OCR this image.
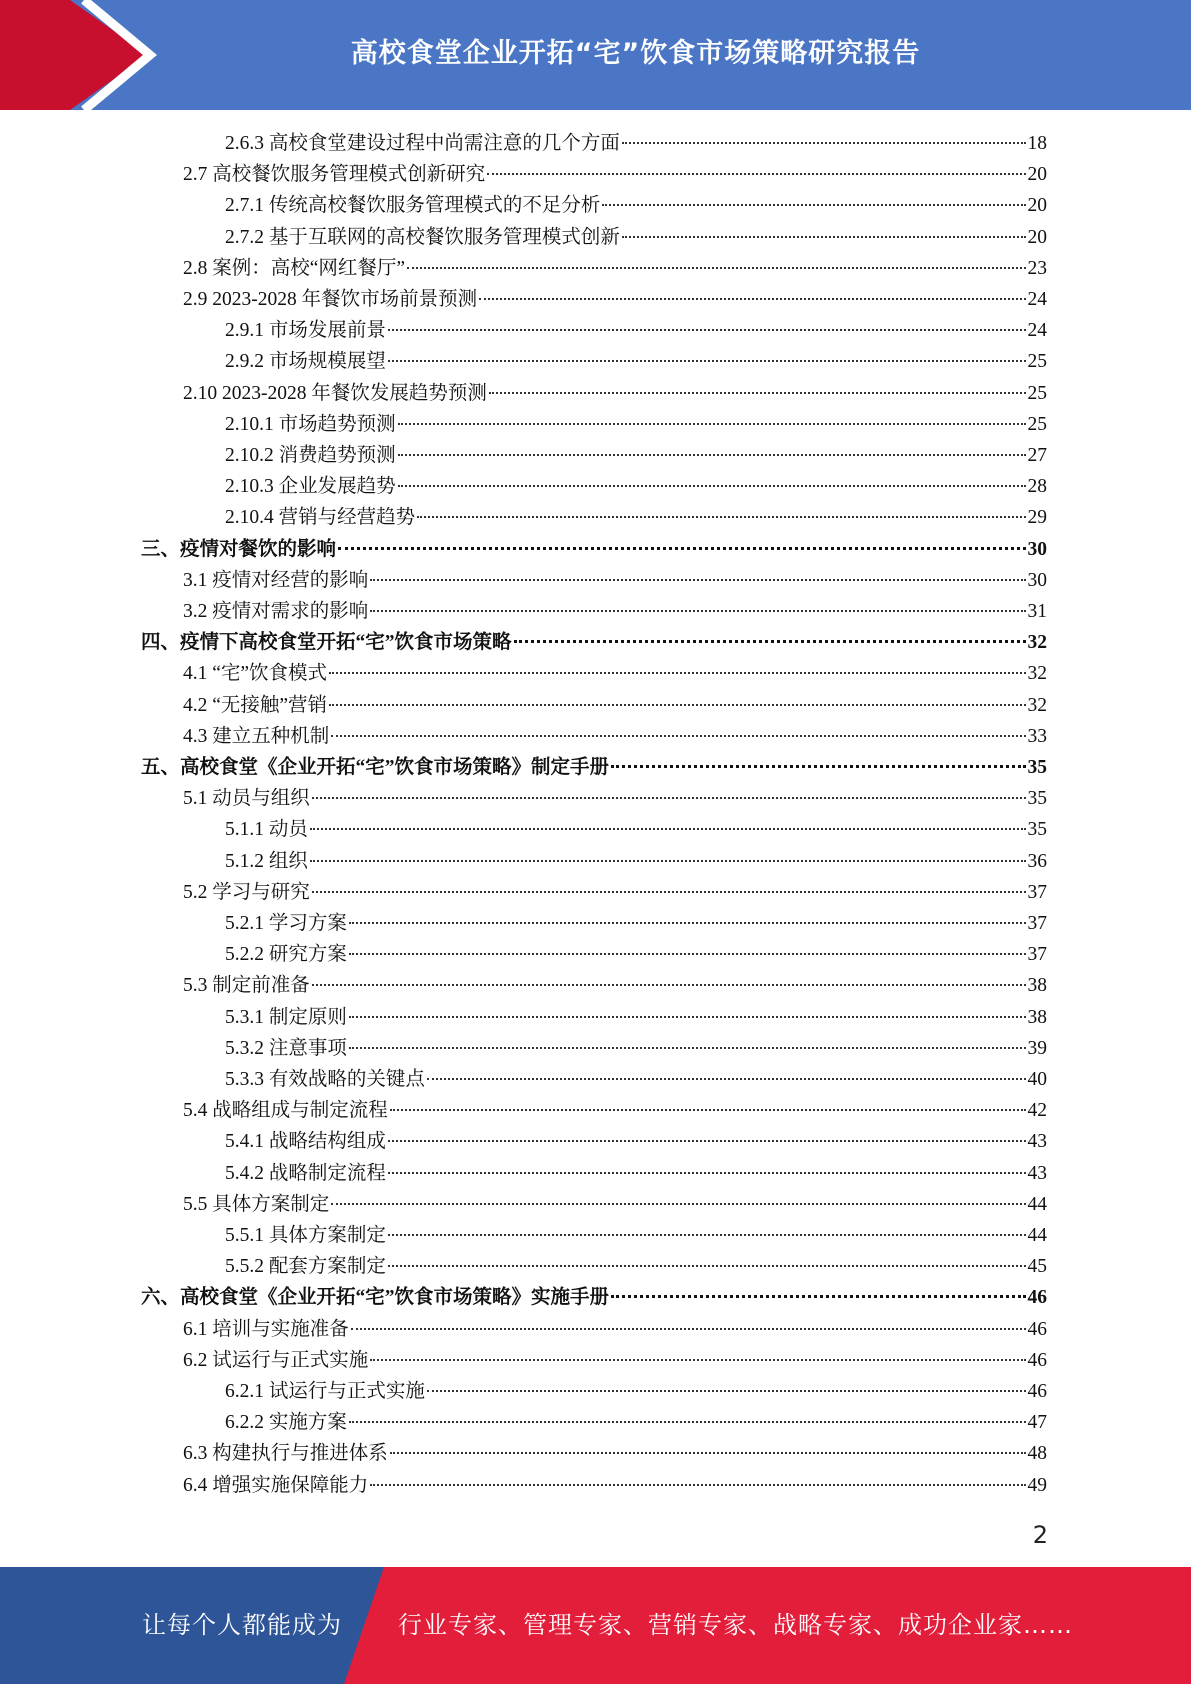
高校食堂企业开拓“宅”饮食市场策略研究报告
2.6.3 高校食堂建设过程中尚需注意的几个方面	18
2.7 高校餐饮服务管理模式创新研究	20
2.7.1 传统高校餐饮服务管理模式的不足分析	20
2.7.2 基于互联网的高校餐饮服务管理模式创新	20
2.8 案例：高校“网红餐厅”	23
2.9 2023-2028 年餐饮市场前景预测	24
2.9.1 市场发展前景	24
2.9.2 市场规模展望	25
2.10 2023-2028 年餐饮发展趋势预测	25
2.10.1 市场趋势预测	25
2.10.2 消费趋势预测	27
2.10.3 企业发展趋势	28
2.10.4 营销与经营趋势	29
三、疫情对餐饮的影响	30
3.1 疫情对经营的影响	30
3.2 疫情对需求的影响	31
四、疫情下高校食堂开拓“宅”饮食市场策略	32
4.1 “宅”饮食模式	32
4.2 “无接触”营销	32
4.3 建立五种机制	33
五、高校食堂《企业开拓“宅”饮食市场策略》制定手册	35
5.1 动员与组织	35
5.1.1 动员	35
5.1.2 组织	36
5.2 学习与研究	37
5.2.1 学习方案	37
5.2.2 研究方案	37
5.3 制定前准备	38
5.3.1 制定原则	38
5.3.2 注意事项	39
5.3.3 有效战略的关键点	40
5.4 战略组成与制定流程	42
5.4.1 战略结构组成	43
5.4.2 战略制定流程	43
5.5 具体方案制定	44
5.5.1 具体方案制定	44
5.5.2 配套方案制定	45
六、高校食堂《企业开拓“宅”饮食市场策略》实施手册	46
6.1 培训与实施准备	46
6.2 试运行与正式实施	46
6.2.1 试运行与正式实施	46
6.2.2 实施方案	47
6.3 构建执行与推进体系	48
6.4 增强实施保障能力	49
2
让每个人都能成为 行业专家、管理专家、营销专家、战略专家、成功企业家……
